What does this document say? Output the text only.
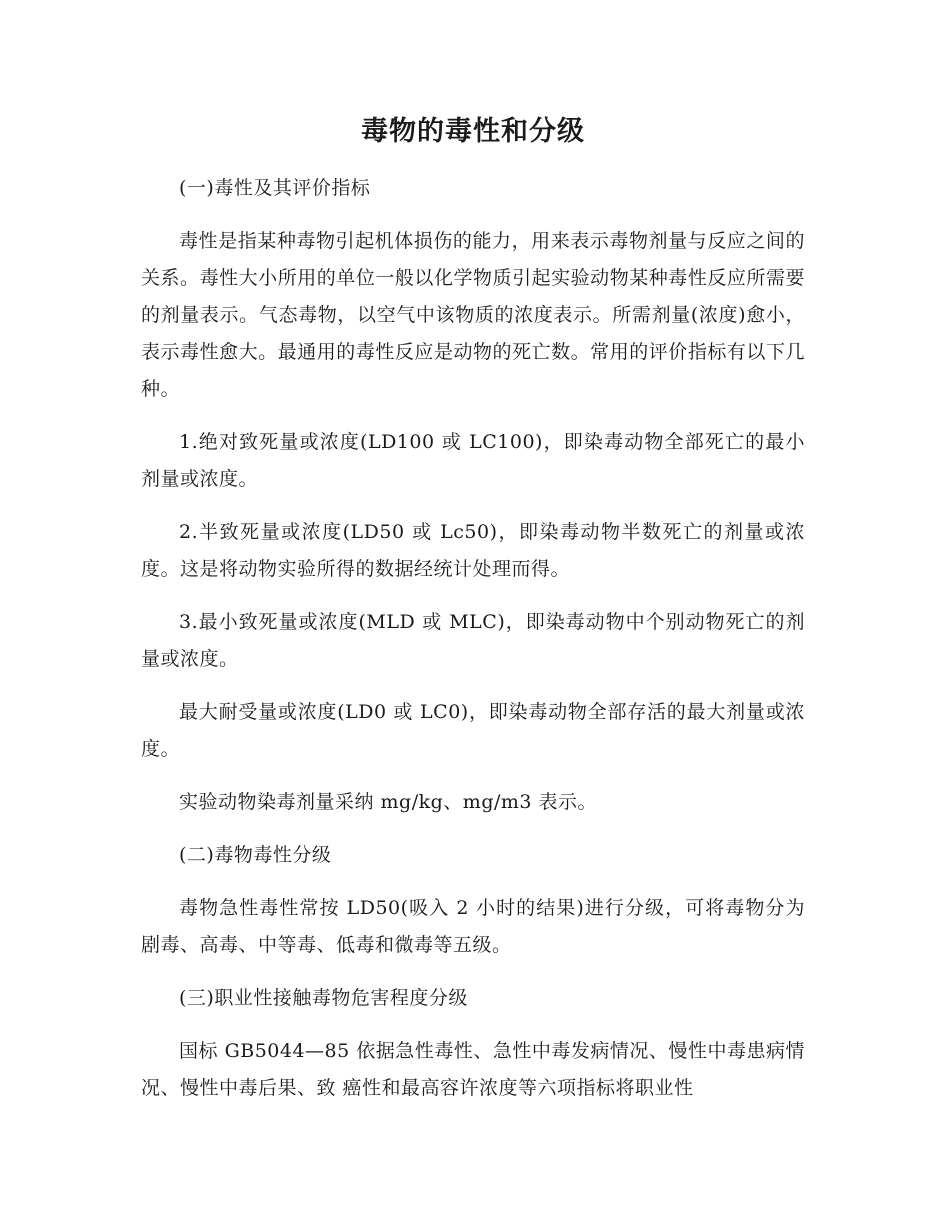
毒物的毒性和分级

(一)毒性及其评价指标

毒性是指某种毒物引起机体损伤的能力，用来表示毒物剂量与反应之间的关系。毒性大小所用的单位一般以化学物质引起实验动物某种毒性反应所需要的剂量表示。气态毒物，以空气中该物质的浓度表示。所需剂量(浓度)愈小，表示毒性愈大。最通用的毒性反应是动物的死亡数。常用的评价指标有以下几种。

1.绝对致死量或浓度(LD100 或 LC100)，即染毒动物全部死亡的最小剂量或浓度。

2.半致死量或浓度(LD50 或 Lc50)，即染毒动物半数死亡的剂量或浓度。这是将动物实验所得的数据经统计处理而得。

3.最小致死量或浓度(MLD 或 MLC)，即染毒动物中个别动物死亡的剂量或浓度。

最大耐受量或浓度(LD0 或 LC0)，即染毒动物全部存活的最大剂量或浓度。

实验动物染毒剂量采纳 mg/kg、mg/m3 表示。

(二)毒物毒性分级

毒物急性毒性常按 LD50(吸入 2 小时的结果)进行分级，可将毒物分为剧毒、高毒、中等毒、低毒和微毒等五级。

(三)职业性接触毒物危害程度分级

国标 GB5044—85 依据急性毒性、急性中毒发病情况、慢性中毒患病情况、慢性中毒后果、致 癌性和最高容许浓度等六项指标将职业性
